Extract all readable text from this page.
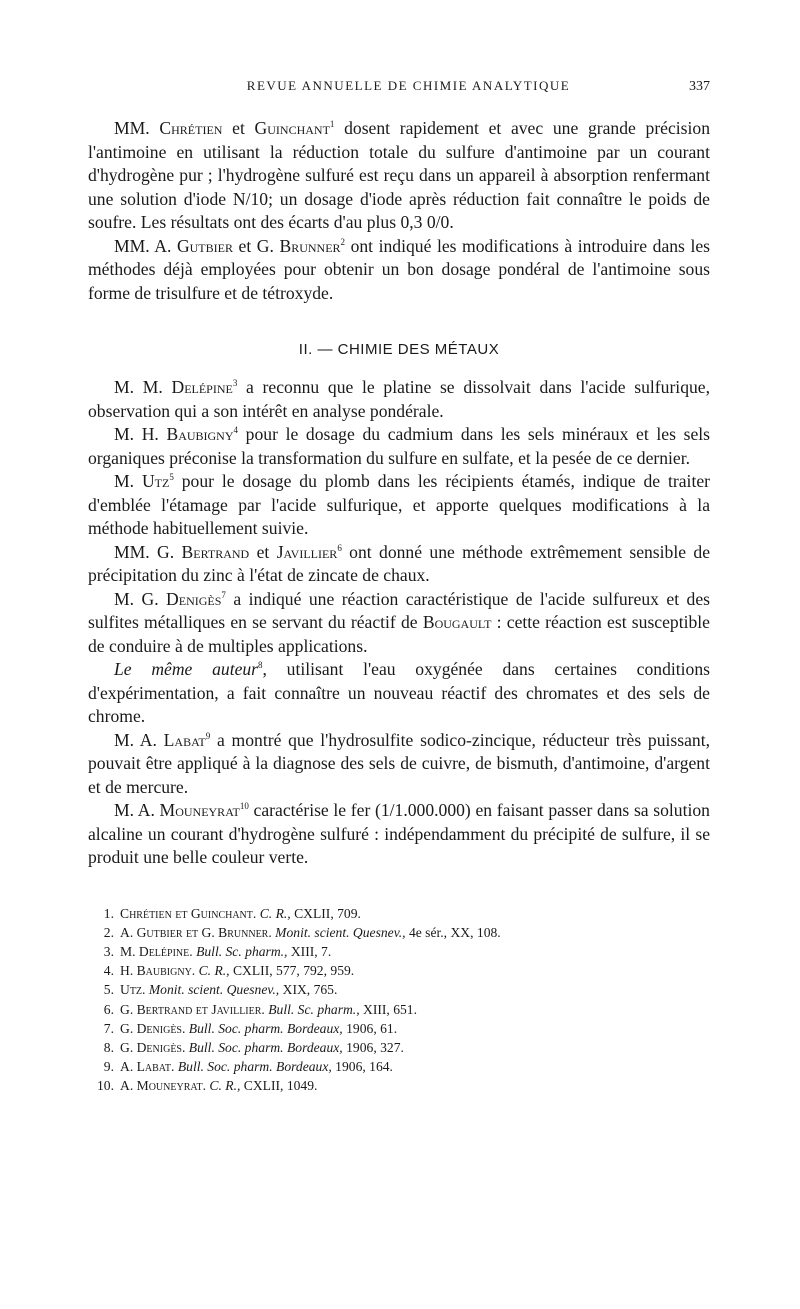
REVUE ANNUELLE DE CHIMIE ANALYTIQUE	337

MM. Chrétien et Guinchant$^1$ dosent rapidement et avec une grande précision l'antimoine en utilisant la réduction totale du sulfure d'antimoine par un courant d'hydrogène pur ; l'hydrogène sulfuré est reçu dans un appareil à absorption renfermant une solution d'iode N/10; un dosage d'iode après réduction fait connaître le poids de soufre. Les résultats ont des écarts d'au plus 0,3 0/0.

MM. A. Gutbier et G. Brunner$^2$ ont indiqué les modifications à introduire dans les méthodes déjà employées pour obtenir un bon dosage pondéral de l'antimoine sous forme de trisulfure et de tétroxyde.

II. — CHIMIE DES MÉTAUX

M. M. Delépine$^3$ a reconnu que le platine se dissolvait dans l'acide sulfurique, observation qui a son intérêt en analyse pondérale.

M. H. Baubigny$^4$ pour le dosage du cadmium dans les sels minéraux et les sels organiques préconise la transformation du sulfure en sulfate, et la pesée de ce dernier.

M. Utz$^5$ pour le dosage du plomb dans les récipients étamés, indique de traiter d'emblée l'étamage par l'acide sulfurique, et apporte quelques modifications à la méthode habituellement suivie.

MM. G. Bertrand et Javillier$^6$ ont donné une méthode extrêmement sensible de précipitation du zinc à l'état de zincate de chaux.

M. G. Denigès$^7$ a indiqué une réaction caractéristique de l'acide sulfureux et des sulfites métalliques en se servant du réactif de Bougault : cette réaction est susceptible de conduire à de multiples applications.

Le même auteur$^8$, utilisant l'eau oxygénée dans certaines conditions d'expérimentation, a fait connaître un nouveau réactif des chromates et des sels de chrome.

M. A. Labat$^9$ a montré que l'hydrosulfite sodico-zincique, réducteur très puissant, pouvait être appliqué à la diagnose des sels de cuivre, de bismuth, d'antimoine, d'argent et de mercure.

M. A. Mouneyrat$^{10}$ caractérise le fer (1/1.000.000) en faisant passer dans sa solution alcaline un courant d'hydrogène sulfuré : indépendamment du précipité de sulfure, il se produit une belle couleur verte.

1. Chrétien et Guinchant. C. R., CXLII, 709.
2. A. Gutbier et G. Brunner. Monit. scient. Quesnev., 4e sér., XX, 108.
3. M. Delépine. Bull. Sc. pharm., XIII, 7.
4. H. Baubigny. C. R., CXLII, 577, 792, 959.
5. Utz. Monit. scient. Quesnev., XIX, 765.
6. G. Bertrand et Javillier. Bull. Sc. pharm., XIII, 651.
7. G. Denigès. Bull. Soc. pharm. Bordeaux, 1906, 61.
8. G. Denigès. Bull. Soc. pharm. Bordeaux, 1906, 327.
9. A. Labat. Bull. Soc. pharm. Bordeaux, 1906, 164.
10. A. Mouneyrat. C. R., CXLII, 1049.
